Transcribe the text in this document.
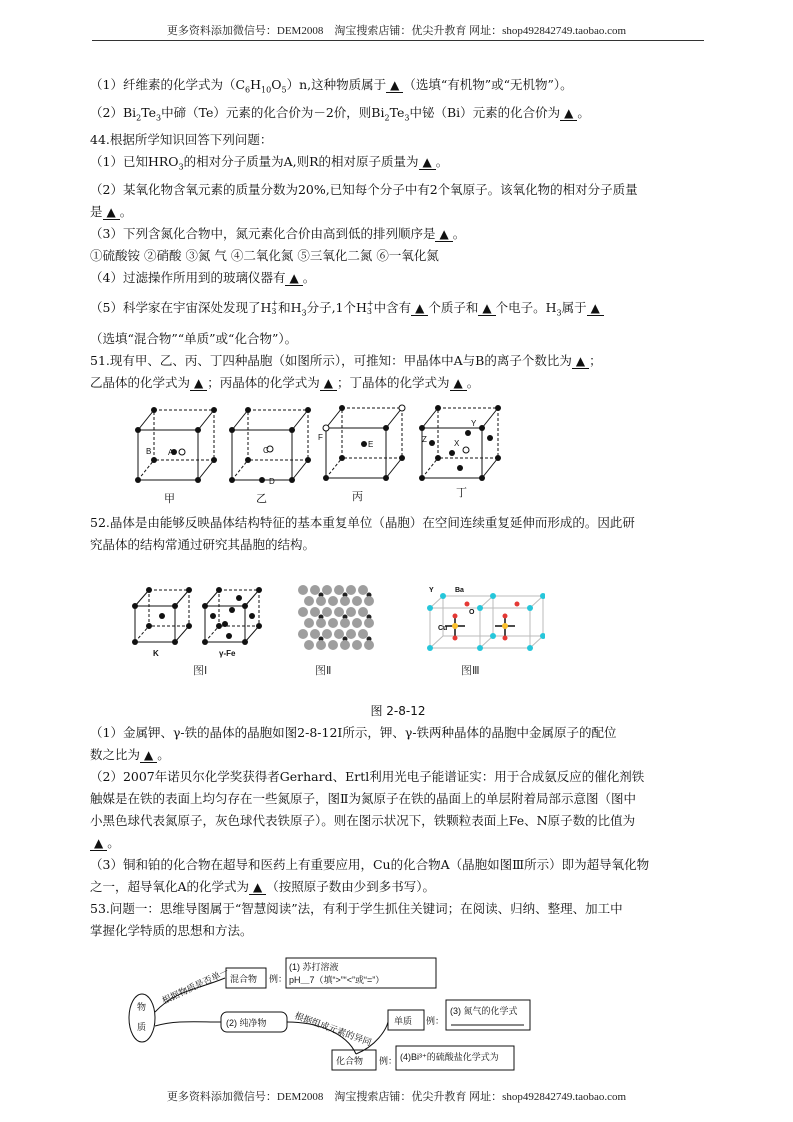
更多资料添加微信号：DEM2008　淘宝搜索店铺：优尖升教育 网址：shop492842749.taobao.com
（1）纤维素的化学式为$(C_6H_{10}O_5)n$,这种物质属于 ▲ （选填“有机物”或“无机物”）。
$(2)Bi_2Te_3$中碲（Te）元素的化合价为－2价，则$Bi_2Te_3$中铋（Bi）元素的化合价为 ▲ 。
44.根据所学知识回答下列问题：
（1）已知$HRO_3$的相对分子质量为A,则R的相对原子质量为 ▲ 。
（2）某氧化物含氧元素的质量分数为20%,已知每个分子中有2个氧原子。该氧化物的相对分子质量
是 ▲ 。
（3）下列含氮化合物中，氮元素化合价由高到低的排列顺序是 ▲ 。
①硫酸铵 ②硝酸 ③氮 气 ④二氧化氮 ⑤三氧化二氮 ⑥一氧化氮
（4）过滤操作所用到的玻璃仪器有 ▲ 。
（5）科学家在宇宙深处发现了H +
3 和$H_3$分子,1个H +
3 中含有 ▲ 个质子和 ▲ 个电子。$H_3$属于 ▲
（选填“混合物”“单质”或“化合物”）。
51.现有甲、乙、丙、丁四种晶胞（如图所示），可推知：甲晶体中A与B的离子个数比为 ▲ ；
乙晶体的化学式为 ▲ ；丙晶体的化学式为 ▲ ；丁晶体的化学式为 ▲ 。
B A	C
D
F
E
Y
Z	X
甲	乙	丙	丁
52.晶体是由能够反映晶体结构特征的基本重复单位（晶胞）在空间连续重复延伸而形成的。因此研
究晶体的结构常通过研究其晶胞的结构。
K	γ-Fe
Y	Ba
O
Cu
图Ⅰ	图Ⅱ	图Ⅲ
图 2-8-12
（1）金属钾、γ-铁的晶体的晶胞如图2-8-12Ⅰ所示，钾、γ-铁两种晶体的晶胞中金属原子的配位
数之比为 ▲ 。
（2）2007年诺贝尔化学奖获得者Gerhard、Ertl利用光电子能谱证实：用于合成氨反应的催化剂铁
触媒是在铁的表面上均匀存在一些氮原子，图Ⅱ为氮原子在铁的晶面上的单层附着局部示意图（图中
小黑色球代表氮原子，灰色球代表铁原子）。则在图示状况下，铁颗粒表面上Fe、N原子数的比值为
▲ 。
（3）铜和铂的化合物在超导和医药上有重要应用，Cu的化合物A（晶胞如图Ⅲ所示）即为超导氧化物
之一，超导氧化A的化学式为 ▲ （按照原子数由少到多书写）。
53.问题一：思维导图属于“智慧阅读”法，有利于学生抓住关键词；在阅读、归纳、整理、加工中
掌握化学特质的思想和方法。
物
质
混合物 例：
(1) 苏打溶液
pH＿7（填“>”“<”或“=”）
(2) 纯净物
根据物质是否单一
根据组成元素的异同 单质 例：
(3) 氮气的化学式
化合物 例： (4)Bi³⁺的硫酸盐化学式为
更多资料添加微信号：DEM2008　淘宝搜索店铺：优尖升教育 网址：shop492842749.taobao.com
